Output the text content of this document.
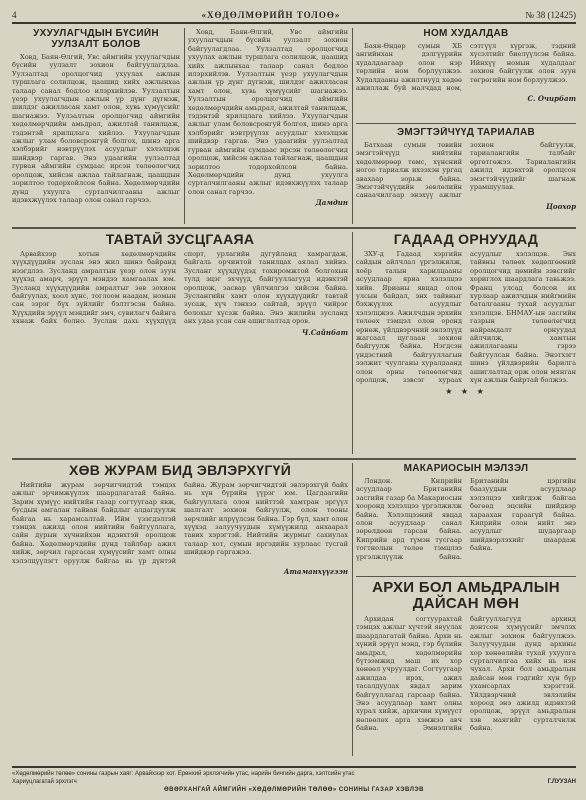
4	«ХӨДӨЛМӨРИЙН ТОЛОӨ»	№ 38 (12425)
УХУУЛАГЧДЫН БҮСИЙН УУЛЗАЛТ БОЛОВ

Ховд, Баян-Өлгий, Увс аймгийн ухуулагчдын бүсийн уулзалт зохион байгуулагдлаа. Уулзалтад оролцогчид ухуулах ажлын туршлага солилцож, цаашид хийх ажлынхаа талаар санал бодлоо илэрхийлэв. Уулзалтын үеэр ухуулагчдын ажлын үр дүнг дүгнэж, шилдэг ажилласан хамт олон, хувь хүмүүсийг шагнажээ. Уулзалтын оролцогчид аймгийн хөдөлмөрчдийн амьдрал, ажилтай танилцаж, тэдэнтэй ярилцлага хийлээ. Ухуулагчдын ажлыг улам боловсронгуй болгох, шинэ арга хэлбэрийг нэвтрүүлэх асуудлыг хэлэлцэж шийдвэр гаргав. Энэ удаагийн уулзалтад гурван аймгийн сумдаас ирсэн төлөөлөгчид оролцож, хийсэн ажлаа тайлагнаж, цаашдын зорилтоо тодорхойлсон байна. Хөдөлмөрчдийн дунд ухуулга сурталчилгааны ажлыг идэвхжүүлэх талаар олон санал гарчээ.

Ховд, Баян-Өлгий, Увс аймгийн ухуулагчдын бүсийн уулзалт зохион байгуулагдлаа. Уулзалтад оролцогчид ухуулах ажлын туршлага солилцож, цаашид хийх ажлынхаа талаар санал бодлоо илэрхийлэв. Уулзалтын үеэр ухуулагчдын ажлын үр дүнг дүгнэж, шилдэг ажилласан хамт олон, хувь хүмүүсийг шагнажээ. Уулзалтын оролцогчид аймгийн хөдөлмөрчдийн амьдрал, ажилтай танилцаж, тэдэнтэй ярилцлага хийлээ. Ухуулагчдын ажлыг улам боловсронгуй болгох, шинэ арга хэлбэрийг нэвтрүүлэх асуудлыг хэлэлцэж шийдвэр гаргав. Энэ удаагийн уулзалтад гурван аймгийн сумдаас ирсэн төлөөлөгчид оролцож, хийсэн ажлаа тайлагнаж, цаашдын зорилтоо тодорхойлсон байна. Хөдөлмөрчдийн дунд ухуулга сурталчилгааны ажлыг идэвхжүүлэх талаар олон санал гарчээ.

Дамдин
НОМ ХУДАЛДАВ

Баян-Өндөр сумын ХБ ангийнхан дэлгүүрийн худалдаагаар олон нэр төрлийн ном борлуулжээ. Худалдааны ажилтнууд хөдөө ажиллаж буй малчдад ном, сэтгүүл хүргэж, тэдний хүсэлтийг биелүүлсэн байна. Ийнхүү номын худалдааг зохион байгуулж олон зуун төгрөгийн ном борлуулжээ.

С. Очирбат
ЭМЭГТЭЙЧҮҮД ТАРИАЛАВ

Батхаан сумын төвийн эмэгтэйчүүд нийтийн хөдөлмөрөөр төмс, хүнсний ногоо тариалж ихээхэн ургац авахаар зорьж байна. Эмэгтэйчүүдийн зөвлөлийн санаачилгаар энэхүү ажлыг зохион байгуулж, тариалангийн талбайг өргөтгөжээ. Тариалангийн ажилд идэвхтэй оролцсон эмэгтэйчүүдийг шагнаж урамшуулав.

Цоохор
ТАВТАЙ ЗУСЦГААЯА

Арвайхээр хотын хөдөлмөрчдийн хүүхдүүдийн зуслан энэ жил шинэ байранд нээгдлээ. Зусланд амралтын үеэр олон зуун хүүхэд амарч, эрүүл мэндээ хамгаалах юм. Зусланд хүүхдүүдийн амралтыг зөв зохион байгуулах, хоол хүнс, тоглоом наадам, номын сан зэрэг бүх зүйлийг бэлтгэсэн байна. Хүүхдийн эрүүл мэндийг эмч, сувилагч байнга хянаж байх болно. Зуслан дахь хүүхдүүд спорт, урлагийн дугуйланд хамрагдаж, байгаль орчинтой танилцах аялал хийнэ. Зусланг хүүхдүүдэд тохиромжтой болгохын тулд эцэг эхчүүд, байгууллагууд идэвхтэй оролцож, засвар үйлчилгээ хийсэн байна. Зуслангийн хамт олон хүүхдүүдийг тавтай зусаж, хүч тэнхээ сайтай, эрүүл чийрэг болохыг хүсэж байна. Энэ жилийн зусланд анх удаа усан сан ашиглалтад оров.

Ч.Сайнбат
ГАДААД ОРНУУДАД

ЗХУ-д Гадаад хэргийн сайдын айлчлал үргэлжилж, хоёр талын харилцааны асуудлаар яриа хэлэлцээ хийв. Ярианы явцад олон улсын байдал, энх тайвныг бэхжүүлэх асуудлыг хэлэлцжээ. Ажилчдын эрхийн төлөөх тэмцэл олон оронд өрнөж, үйлдвэрчний эвлэлүүд жагсаал цуглаан зохион байгуулж байна. Нэгдсэн үндэстний байгууллагын ээлжит чуулганы хуралдаанд олон орны төлөөлөгчид оролцож, зэвсэг хураах асуудлыг хэлэлцэв. Энх тайвны төлөөх хөдөлгөөний оролцогчид цөмийн зэвсгийг хориглох шаардлага тавьжээ. Франц улсад болсон их хурлаар ажилчдын нийгмийн баталгааны тухай асуудлыг хэлэлцэв. БНМАУ-ын засгийн газрын төлөөлөгчид найрамдалт орнуудад айлчилж, хамтын ажиллагааны гэрээ байгуулсан байна. Энэтхэгт шинэ үйлдвэрийн барилга ашиглалтад орж олон мянган хүн ажлын байртай болжээ.

★ ★ ★
ХӨВ ЖУРАМ БИД ЭВЛЭРХҮГҮЙ

Нийтийн журам зөрчигчидтэй тэмцэх ажлыг эрчимжүүлэх шаардлагатай байна. Зарим хүмүүс нийтийн газар согтуугаар явж, бусдын амгалан тайван байдлыг алдагдуулж байгаа нь харамсалтай. Ийм үзэгдэлтэй тэмцэх ажилд олон нийтийн байгууллага, сайн дурын хүчнийхэн идэвхтэй оролцож байна. Хөдөлмөрчдийн дунд тайлбар ажил хийж, зөрчил гаргасан хүмүүсийг хамт олны хэлэлцүүлэгт оруулж байгаа нь үр дүнтэй байна. Журам зөрчигчидтэй эвлэрэхгүй байх нь хүн бүрийн үүрэг юм. Цагдаагийн байгууллага олон нийттэй хамтран эргүүл шалгалт зохион байгуулж, олон тооны зөрчлийг илрүүлсэн байна. Гэр бүл, хамт олон хүүхэд залуучуудын хүмүүжилд анхаарал тавих хэрэгтэй. Нийтийн журмыг сахиулах талаар хот, сумын иргэдийн хурлаас тусгай шийдвэр гаргажээ.

Атаманхүүгээн
МАКАРИОСЫН МЭЛЗЭЛ

Лондон. Киприйн асуудлаар Британийн засгийн газар ба Макариосын хооронд хэлэлцээ үргэлжилж байна. Хэлэлцээний явцад олон асуудлаар санал зөрөлдөөн гарсан байна. Киприйн ард түмэн тусгаар тогтнолын төлөө тэмцлээ үргэлжлүүлж байна. Британийн цэргийн баазуудын асуудлаар хэлэлцээ хийгдэж байгаа бөгөөд эцсийн шийдвэр хараахан гараагүй байна. Киприйн олон нийт энэ асуудлыг шударгаар шийдвэрлэхийг шаардаж байна.

АРХИ БОЛ АМЬДРАЛЫН ДАЙСАН МӨН

Архидан согтуурахтай тэмцэх ажлыг хүчтэй явуулах шаардлагатай байна. Архи нь хүний эрүүл мэнд, гэр бүлийн амьдрал, хөдөлмөрийн бүтээмжид маш их хор хөнөөл учруулдаг. Согтуугаар ажилдаа ирэх, ажил тасалдуулах явдал зарим байгууллагад гарсаар байна. Энэ асуудлаар хамт олны хурал хийж, архичин хүмүүст нөлөөлөх арга хэмжээ авч байна. Эмнэлгийн байгууллагууд архинд донтсон хүмүүсийг эмчлэх ажлыг зохион байгуулжээ. Залуучуудын дунд архины хор хөнөөлийн тухай ухуулга сурталчилгаа хийх нь нэн чухал. Архи бол амьдралын дайсан мөн гэдгийг хүн бүр ухамсарлах хэрэгтэй. Үйлдвэрчний эвлэлийн хороод энэ ажилд идэвхтэй оролцож, эрүүл амьдралын хэв маягийг сурталчилж байна.

«Хөдөлмөрийн төлөө» сонины газрын хаяг: Арвайхээр хот. Ерөнхий эрхлэгчийн утас, нарийн бичгийн дарга, хэлтсийн утас
Хариуцлагатай эрхлэгч	Г.ЛУУЗАН
ӨВӨРХАНГАЙ АЙМГИЙН «ХӨДӨЛМӨРИЙН ТӨЛӨӨ» СОНИНЫ ГАЗАР ХЭВЛЭВ
